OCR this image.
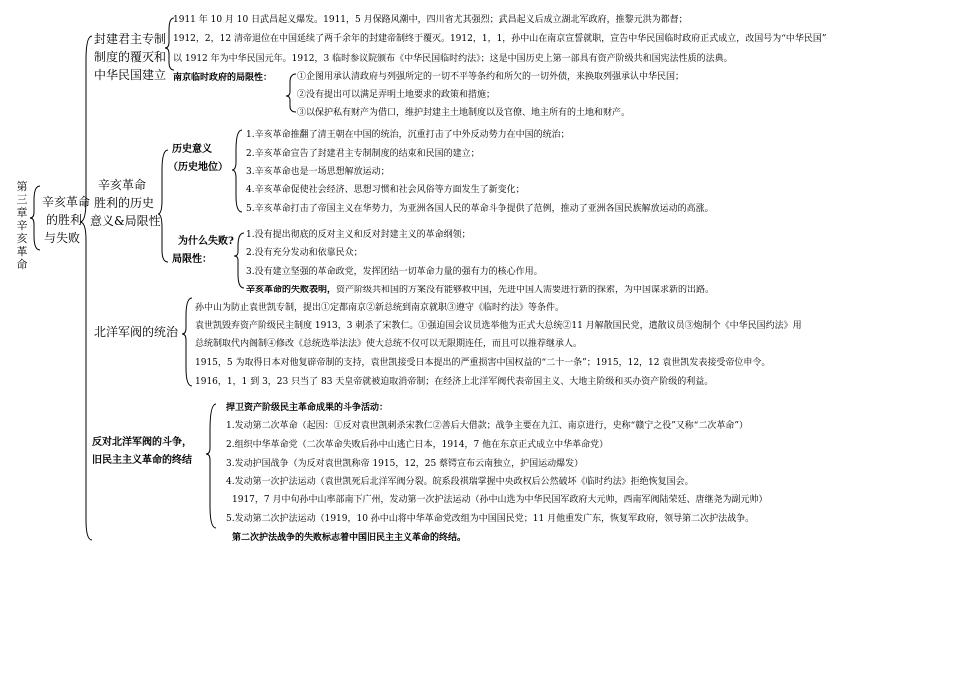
第
三
章
辛
亥
革
命
辛亥革命
的胜利
与失败
封建君主专制
制度的覆灭和
中华民国建立
1911 年 10 月 10 日武昌起义爆发。1911，5 月保路风潮中，四川省尤其强烈；武昌起义后成立湖北军政府，推黎元洪为都督；
1912，2，12 清帝退位在中国延续了两千余年的封建帝制终于覆灭。1912，1，1，孙中山在南京宣誓就职，宣告中华民国临时政府正式成立，改国号为“中华民国”
以 1912 年为中华民国元年。1912，3 临时参议院颁布《中华民国临时约法》；这是中国历史上第一部具有资产阶级共和国宪法性质的法典。
南京临时政府的局限性：	①企图用承认清政府与列强所定的一切不平等条约和所欠的一切外债，来换取列强承认中华民国；
②没有提出可以满足弄明土地要求的政策和措施；
③以保护私有财产为借口，维护封建主土地制度以及官僚、地主所有的土地和财产。
辛亥革命
胜利的历史
意义&局限性
历史意义
（历史地位）
1.辛亥革命推翻了清王朝在中国的统治，沉重打击了中外反动势力在中国的统治；
2.辛亥革命宣告了封建君主专制制度的结束和民国的建立；
3.辛亥革命也是一场思想解放运动；
4.辛亥革命促使社会经济、思想习惯和社会风俗等方面发生了新变化；
5.辛亥革命打击了帝国主义在华势力，为亚洲各国人民的革命斗争提供了范例，推动了亚洲各国民族解放运动的高涨。
为什么失败?
局限性：
1.没有提出彻底的反对主义和反对封建主义的革命纲领；
2.没有充分发动和依靠民众；
3.没有建立坚强的革命政党，发挥团结一切革命力量的强有力的核心作用。
辛亥革命的失败表明，资产阶级共和国的方案没有能够救中国，先进中国人需要进行新的探索，为中国谋求新的出路。
北洋军阀的统治
孙中山为防止袁世凯专制，提出①定都南京②新总统到南京就职③遵守《临时约法》等条件。
袁世凯毁弃资产阶级民主制度 1913，3 刺杀了宋教仁。①强迫国会议员选举他为正式大总统②11 月解散国民党，遣散议员③炮制个《中华民国约法》用
总统制取代内阁制④修改《总统选举法法》使大总统不仅可以无限期连任，而且可以推荐继承人。
1915，5 为取得日本对他复辟帝制的支持，袁世凯接受日本提出的严重损害中国权益的“二十一条”；1915，12，12 袁世凯发表接受帝位申令。
1916，1，1 到 3，23 只当了 83 天皇帝就被迫取消帝制；在经济上北洋军阀代表帝国主义、大地主阶级和买办资产阶级的利益。
反对北洋军阀的斗争，
旧民主主义革命的终结
捍卫资产阶级民主革命成果的斗争活动：
1.发动第二次革命（起因：①反对袁世凯刺杀宋教仁②善后大借款；战争主要在九江、南京进行，史称“赣宁之役”又称“二次革命”）
2.组织中华革命党（二次革命失败后孙中山逃亡日本，1914，7 他在东京正式成立中华革命党）
3.发动护国战争（为反对袁世凯称帝 1915，12，25 蔡锷宣布云南独立，护国运动爆发）
4.发动第一次护法运动（袁世凯死后北洋军阀分裂。皖系段祺瑞掌握中央政权后公然破坏《临时约法》拒绝恢复国会。
1917，7 月中旬孙中山率部南下广州，发动第一次护法运动（孙中山选为中华民国军政府大元帅，西南军阀陆荣廷、唐继尧为副元帅）
5.发动第二次护法运动（1919，10 孙中山将中华革命党改组为中国国民党；11 月他重发广东，恢复军政府，领导第二次护法战争。
第二次护法战争的失败标志着中国旧民主主义革命的终结。
